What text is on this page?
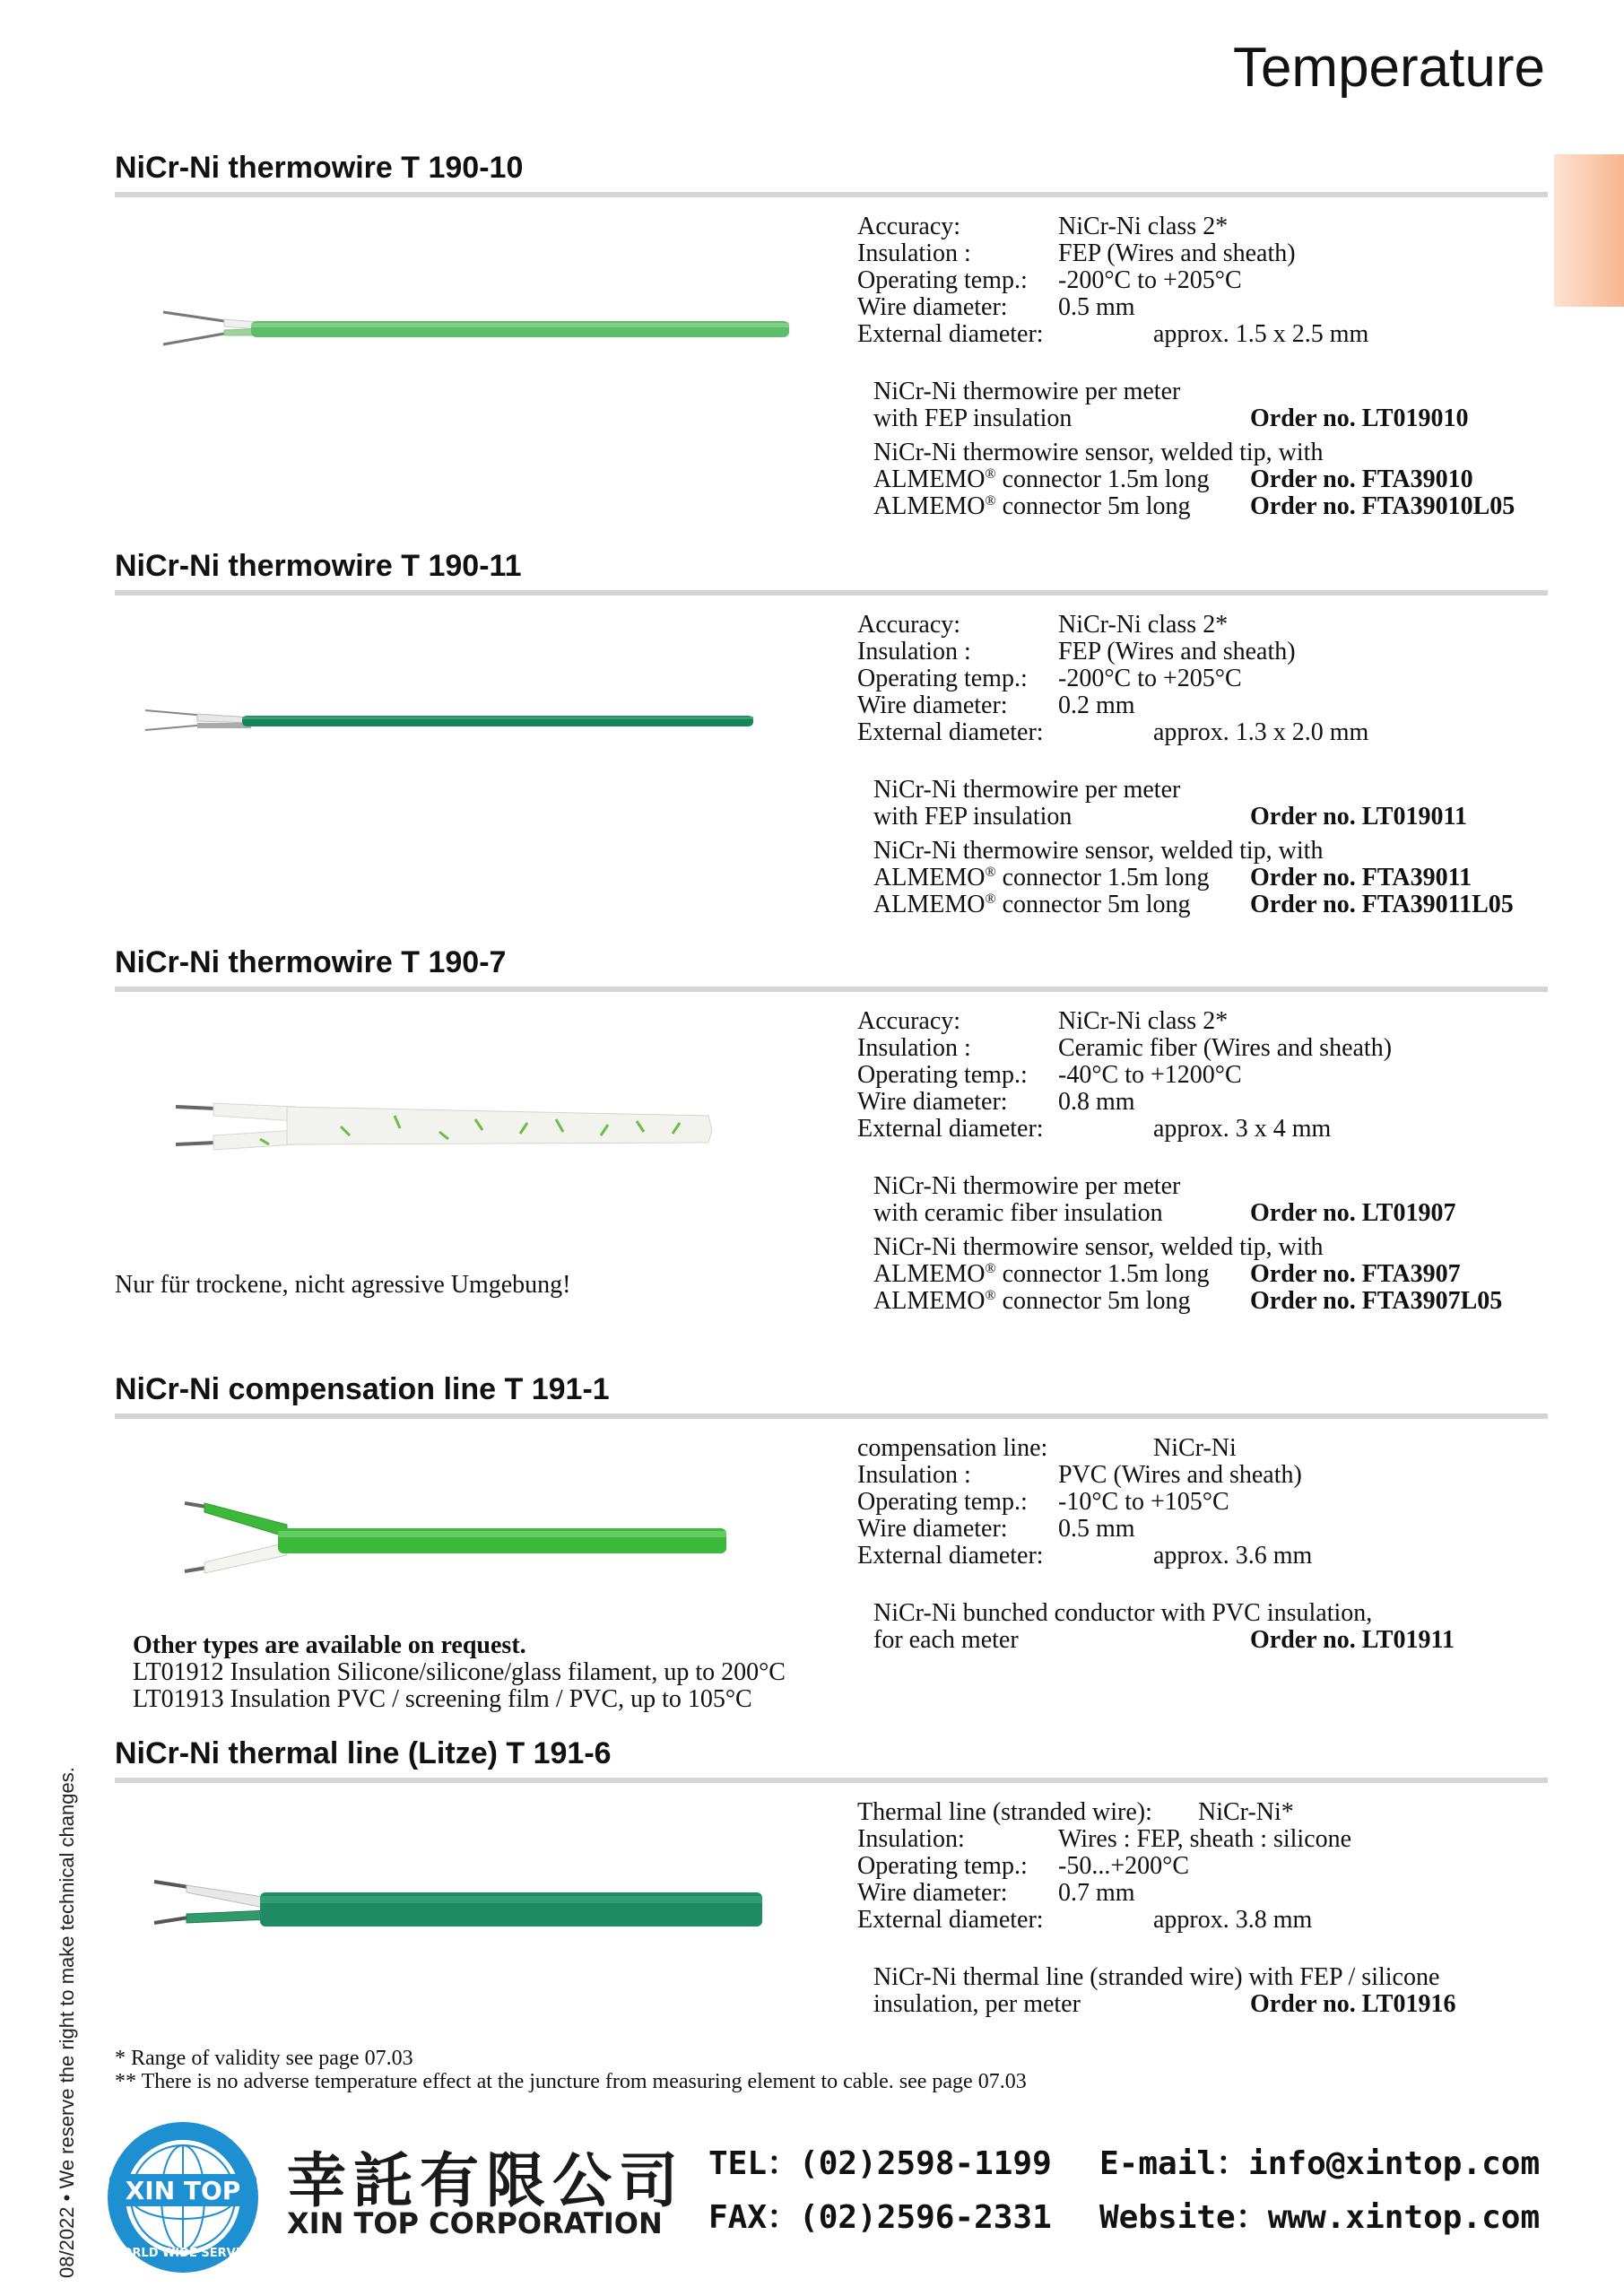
Temperature
08/2022 • We reserve the right to make technical changes.
NiCr-Ni thermowire T 190-10
Accuracy:	NiCr-Ni class 2*
Insulation :	FEP (Wires and sheath)
Operating temp.: -200°C to +205°C
Wire diameter: 0.5 mm
External diameter:	approx. 1.5 x 2.5 mm
NiCr-Ni thermowire per meter
with FEP insulation	Order no. LT019010
NiCr-Ni thermowire sensor, welded tip, with
ALMEMO® connector 1.5m long Order no. FTA39010
ALMEMO® connector 5m long Order no. FTA39010L05
NiCr-Ni thermowire T 190-11
Accuracy:	NiCr-Ni class 2*
Insulation :	FEP (Wires and sheath)
Operating temp.: -200°C to +205°C
Wire diameter: 0.2 mm
External diameter:	approx. 1.3 x 2.0 mm
NiCr-Ni thermowire per meter
with FEP insulation	Order no. LT019011
NiCr-Ni thermowire sensor, welded tip, with
ALMEMO® connector 1.5m long Order no. FTA39011
ALMEMO® connector 5m long Order no. FTA39011L05
NiCr-Ni thermowire T 190-7
Nur für trockene, nicht agressive Umgebung!
Accuracy:	NiCr-Ni class 2*
Insulation :	Ceramic fiber (Wires and sheath)
Operating temp.: -40°C to +1200°C
Wire diameter: 0.8 mm
External diameter:	approx. 3 x 4 mm
NiCr-Ni thermowire per meter
with ceramic fiber insulation	Order no. LT01907
NiCr-Ni thermowire sensor, welded tip, with
ALMEMO® connector 1.5m long Order no. FTA3907
ALMEMO® connector 5m long Order no. FTA3907L05
NiCr-Ni compensation line T 191-1
Other types are available on request.
LT01912 Insulation Silicone/silicone/glass filament, up to 200°C
LT01913 Insulation PVC / screening film / PVC, up to 105°C
compensation line:	NiCr-Ni
Insulation :	PVC (Wires and sheath)
Operating temp.: -10°C to +105°C
Wire diameter: 0.5 mm
External diameter:	approx. 3.6 mm
NiCr-Ni bunched conductor with PVC insulation,
for each meter	Order no. LT01911
NiCr-Ni thermal line (Litze) T 191-6
Thermal line (stranded wire): NiCr-Ni*
Insulation:	Wires : FEP, sheath : silicone
Operating temp.: -50...+200°C
Wire diameter: 0.7 mm
External diameter:	approx. 3.8 mm
NiCr-Ni thermal line (stranded wire) with FEP / silicone
insulation, per meter	Order no. LT01916
* Range of validity see page 07.03
** There is no adverse temperature effect at the juncture from measuring element to cable. see page 07.03
XIN TOP
WORLD WIDE SERVICE
幸託有限公司
XIN TOP CORPORATION
TEL：(02)2598-1199
FAX：(02)2596-2331
E-mail：info@xintop.com
Website：www.xintop.com
